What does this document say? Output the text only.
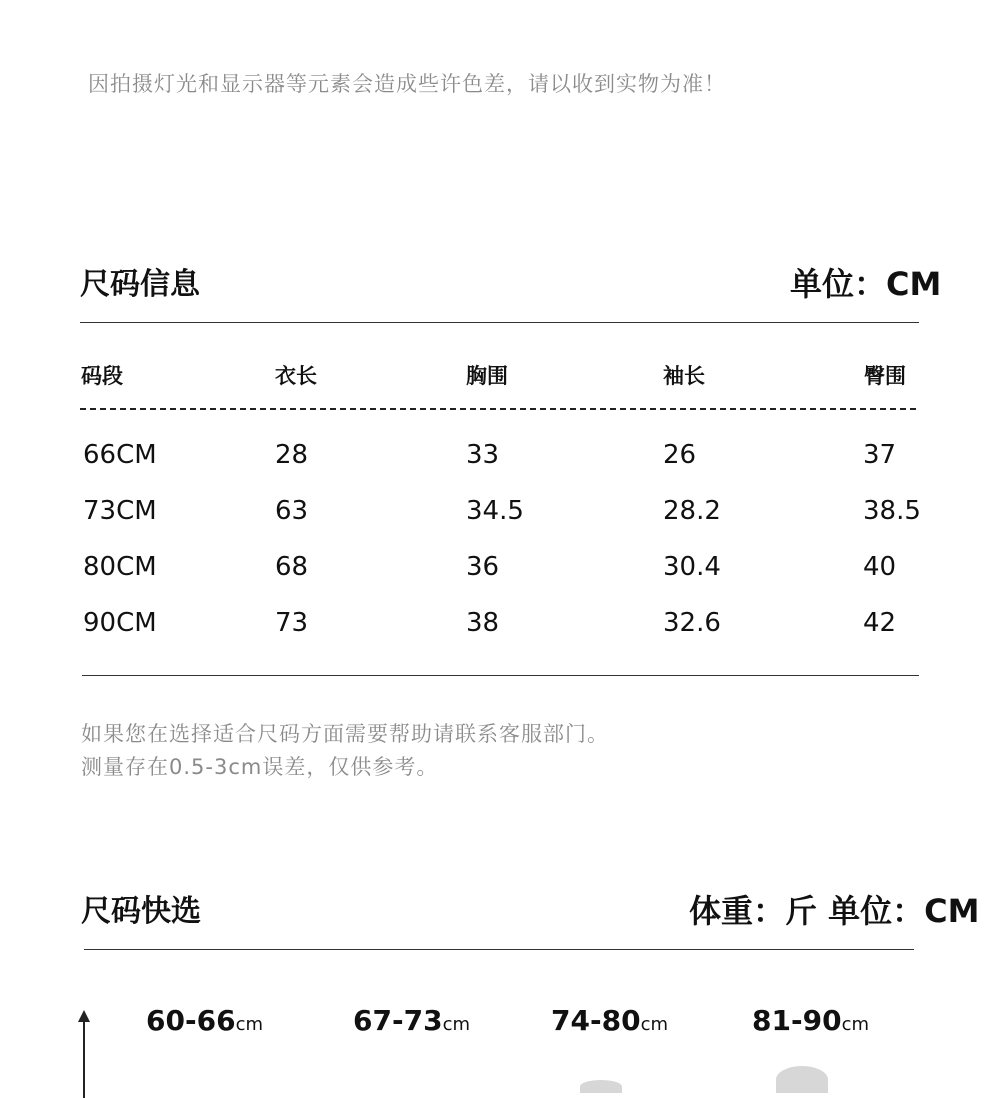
因拍摄灯光和显示器等元素会造成些许色差，请以收到实物为准！
尺码信息	单位：CM
码段	衣长	胸围	袖长	臀围
66CM	28	33	26	37
73CM	63	34.5	28.2	38.5
80CM	68	36	30.4	40
90CM	73	38	32.6	42
如果您在选择适合尺码方面需要帮助请联系客服部门。
测量存在0.5-3cm误差，仅供参考。
尺码快选	体重：斤 单位：CM
60-66cm	67-73cm	74-80cm	81-90cm
